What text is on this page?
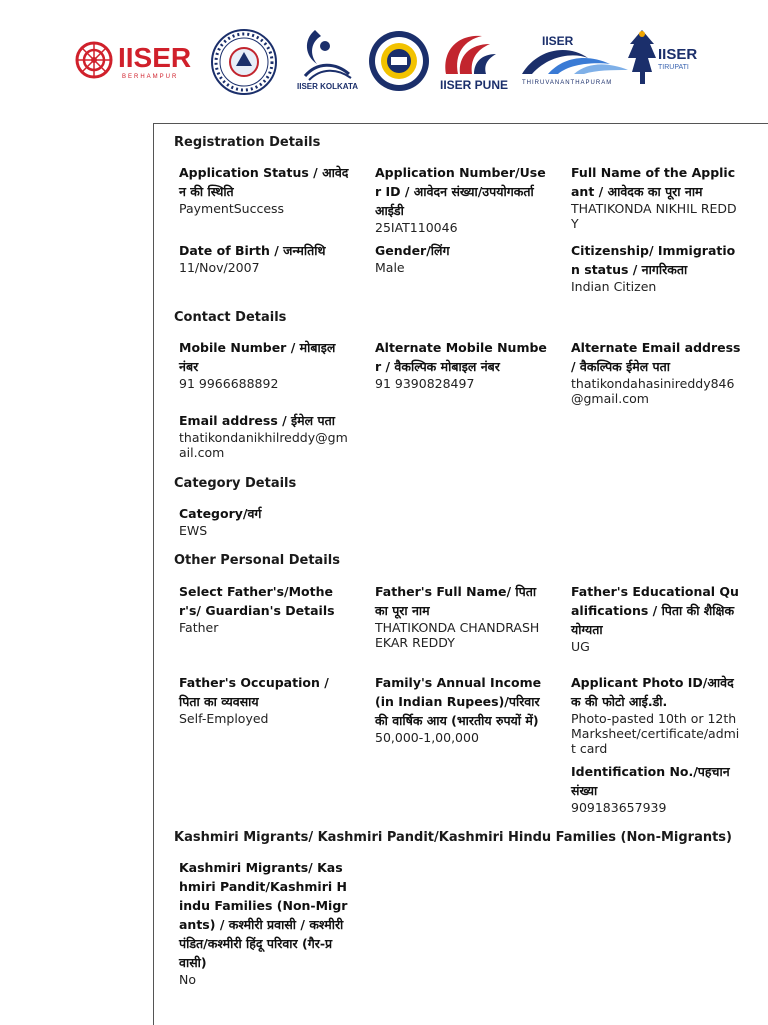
IISER
BERHAMPUR
IISER KOLKATA	IISER PUNE
IISER
THIRUVANANTHAPURAM
IISER
TIRUPATI
Registration Details
Application Status / आवेदन की स्थिति
PaymentSuccess
Application Number/User ID / आवेदन संख्या/उपयोगकर्ता आईडी
25IAT110046
Full Name of the Applicant / आवेदक का पूरा नाम
THATIKONDA NIKHIL REDDY
Date of Birth / जन्मतिथि
11/Nov/2007
Gender/लिंग
Male
Citizenship/ Immigration status / नागरिकता
Indian Citizen
Contact Details
Mobile Number / मोबाइल नंबर
91 9966688892
Alternate Mobile Number / वैकल्पिक मोबाइल नंबर
91 9390828497
Alternate Email address / वैकल्पिक ईमेल पता
thatikondahasinireddy846@gmail.com
Email address / ईमेल पता
thatikondanikhilreddy@gmail.com
Category Details
Category/वर्ग
EWS
Other Personal Details
Select Father's/Mother's/ Guardian's Details
Father
Father's Full Name/ पिता का पूरा नाम
THATIKONDA CHANDRASHEKAR REDDY
Father's Educational Qualifications / पिता की शैक्षिक योग्यता
UG
Father's Occupation / पिता का व्यवसाय
Self-Employed
Family's Annual Income (in Indian Rupees)/परिवार की वार्षिक आय (भारतीय रुपयों में)
50,000-1,00,000
Applicant Photo ID/आवेदक की फोटो आई.डी.
Photo-pasted 10th or 12th Marksheet/certificate/admit card
Identification No./पहचान संख्या
909183657939
Kashmiri Migrants/ Kashmiri Pandit/Kashmiri Hindu Families (Non-Migrants)
Kashmiri Migrants/ Kashmiri Pandit/Kashmiri Hindu Families (Non-Migrants) / कश्मीरी प्रवासी / कश्मीरी पंडित/कश्मीरी हिंदू परिवार (गैर-प्रवासी)
No
